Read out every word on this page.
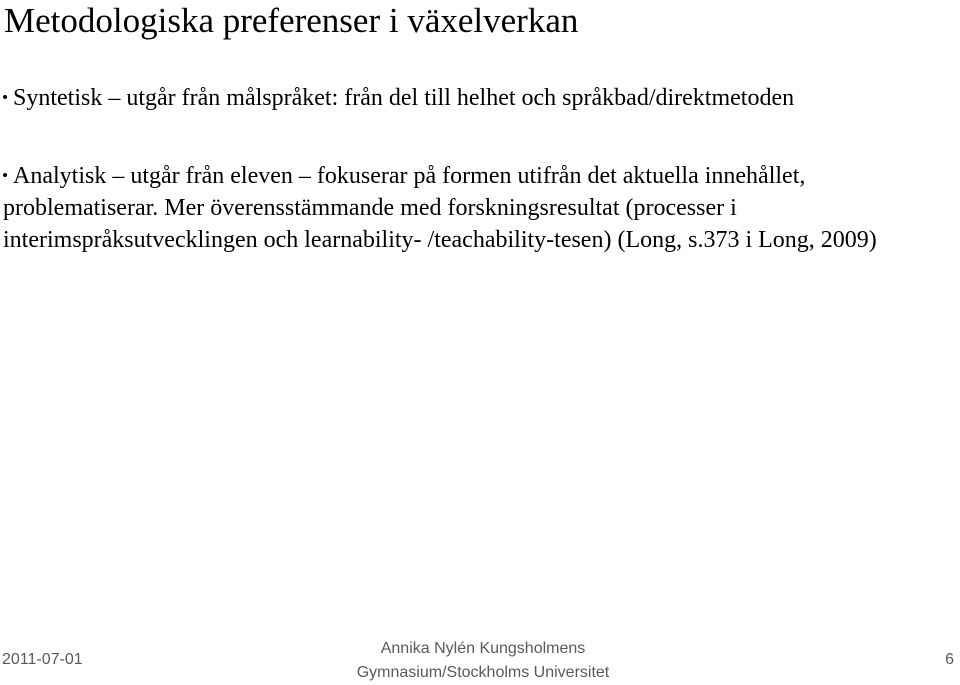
Metodologiska preferenser i växelverkan

Syntetisk – utgår från målspråket: från del till helhet och språkbad/direktmetoden

Analytisk – utgår från eleven – fokuserar på formen utifrån det aktuella innehållet, problematiserar. Mer överensstämmande med forskningsresultat (processer i interimspråksutvecklingen och learnability- /teachability-tesen) (Long, s.373 i Long, 2009)

2011-07-01
Annika Nylén Kungsholmens
Gymnasium/Stockholms Universitet
6
